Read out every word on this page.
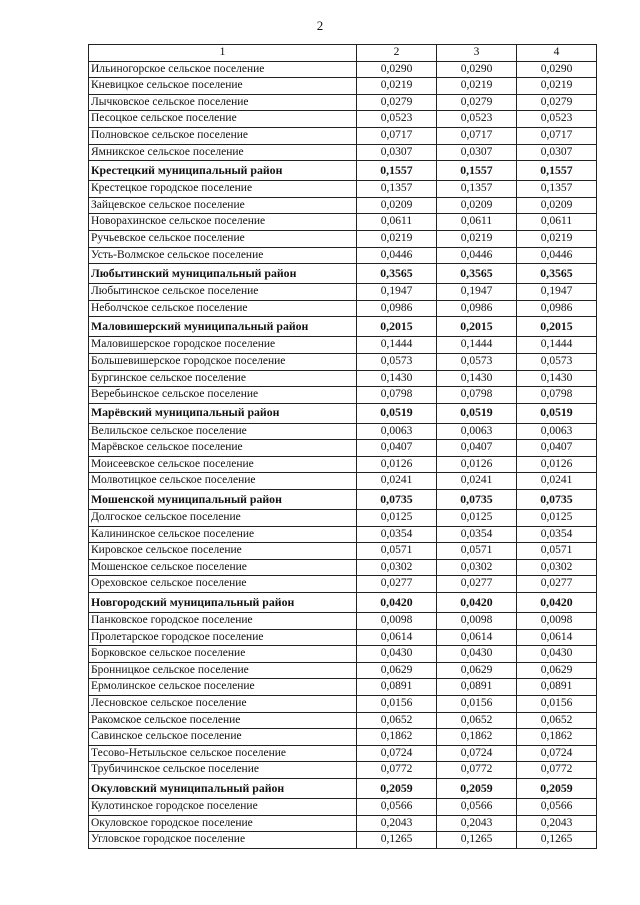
2
1	2	3	4
Ильиногорское сельское поселение	0,0290	0,0290	0,0290
Кневицкое сельское поселение	0,0219	0,0219	0,0219
Лычковское сельское поселение	0,0279	0,0279	0,0279
Песоцкое сельское поселение	0,0523	0,0523	0,0523
Полновское сельское поселение	0,0717	0,0717	0,0717
Ямникское сельское поселение	0,0307	0,0307	0,0307
Крестецкий муниципальный район	0,1557	0,1557	0,1557
Крестецкое городское поселение	0,1357	0,1357	0,1357
Зайцевское сельское поселение	0,0209	0,0209	0,0209
Новорахинское сельское поселение	0,0611	0,0611	0,0611
Ручьевское сельское поселение	0,0219	0,0219	0,0219
Усть-Волмское сельское поселение	0,0446	0,0446	0,0446
Любытинский муниципальный район	0,3565	0,3565	0,3565
Любытинское сельское поселение	0,1947	0,1947	0,1947
Неболчское сельское поселение	0,0986	0,0986	0,0986
Маловишерский муниципальный район	0,2015	0,2015	0,2015
Маловишерское городское поселение	0,1444	0,1444	0,1444
Большевишерское городское поселение	0,0573	0,0573	0,0573
Бургинское сельское поселение	0,1430	0,1430	0,1430
Веребьинское сельское поселение	0,0798	0,0798	0,0798
Марёвский муниципальный район	0,0519	0,0519	0,0519
Велильское сельское поселение	0,0063	0,0063	0,0063
Марёвское сельское поселение	0,0407	0,0407	0,0407
Моисеевское сельское поселение	0,0126	0,0126	0,0126
Молвотицкое сельское поселение	0,0241	0,0241	0,0241
Мошенской муниципальный район	0,0735	0,0735	0,0735
Долгоское сельское поселение	0,0125	0,0125	0,0125
Калининское сельское поселение	0,0354	0,0354	0,0354
Кировское сельское поселение	0,0571	0,0571	0,0571
Мошенское сельское поселение	0,0302	0,0302	0,0302
Ореховское сельское поселение	0,0277	0,0277	0,0277
Новгородский муниципальный район	0,0420	0,0420	0,0420
Панковское городское поселение	0,0098	0,0098	0,0098
Пролетарское городское поселение	0,0614	0,0614	0,0614
Борковское сельское поселение	0,0430	0,0430	0,0430
Бронницкое сельское поселение	0,0629	0,0629	0,0629
Ермолинское сельское поселение	0,0891	0,0891	0,0891
Лесновское сельское поселение	0,0156	0,0156	0,0156
Ракомское сельское поселение	0,0652	0,0652	0,0652
Савинское сельское поселение	0,1862	0,1862	0,1862
Тесово-Нетыльское сельское поселение	0,0724	0,0724	0,0724
Трубичинское сельское поселение	0,0772	0,0772	0,0772
Окуловский муниципальный район	0,2059	0,2059	0,2059
Кулотинское городское поселение	0,0566	0,0566	0,0566
Окуловское городское поселение	0,2043	0,2043	0,2043
Угловское городское поселение	0,1265	0,1265	0,1265
